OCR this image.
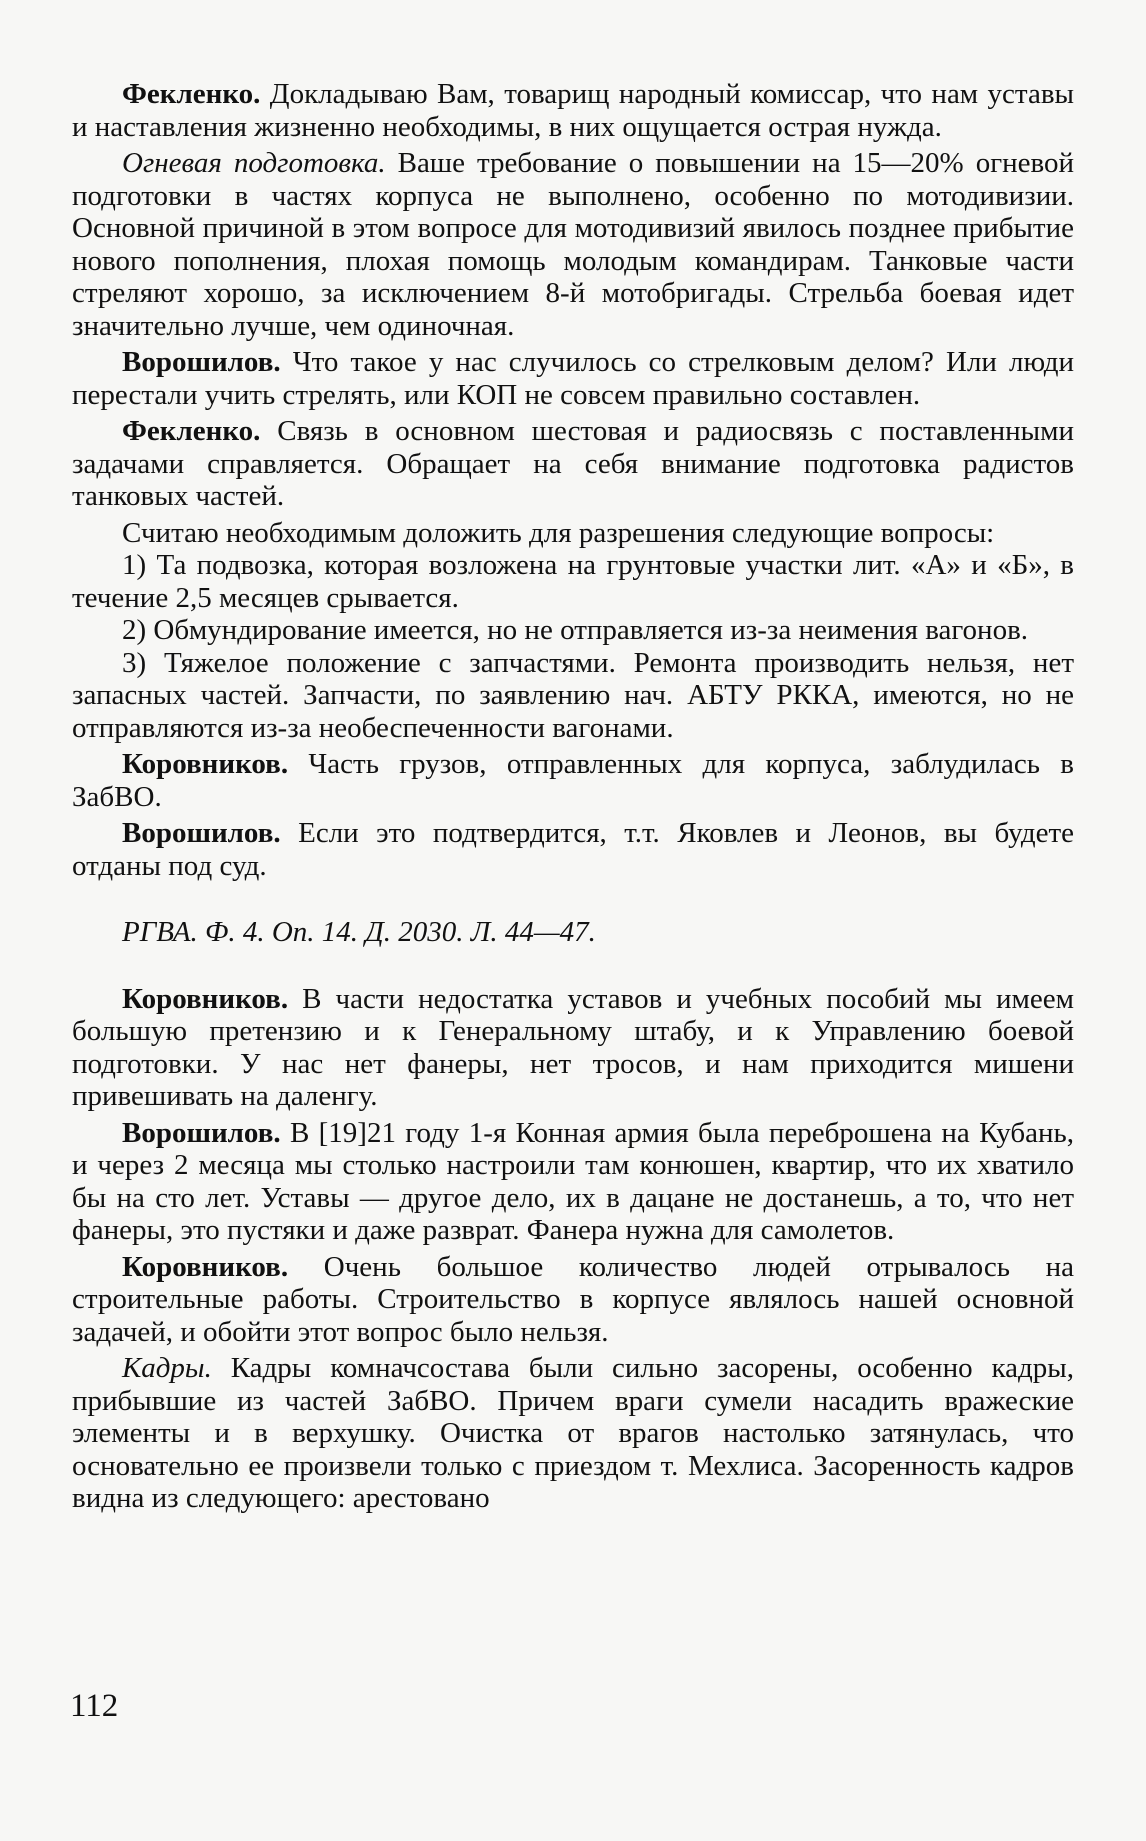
Фекленко. Докладываю Вам, товарищ народный комиссар, что нам уставы и наставления жизненно необходимы, в них ощущается острая нужда.

Огневая подготовка. Ваше требование о повышении на 15—20% огневой подготовки в частях корпуса не выполнено, особенно по мотодивизии. Основной причиной в этом вопросе для мотодивизий явилось позднее прибытие нового пополнения, плохая помощь молодым командирам. Танковые части стреляют хорошо, за исключением 8-й мотобригады. Стрельба боевая идет значительно лучше, чем одиночная.

Ворошилов. Что такое у нас случилось со стрелковым делом? Или люди перестали учить стрелять, или КОП не совсем правильно составлен.

Фекленко. Связь в основном шестовая и радиосвязь с поставленными задачами справляется. Обращает на себя внимание подготовка радистов танковых частей.

Считаю необходимым доложить для разрешения следующие вопросы:

1) Та подвозка, которая возложена на грунтовые участки лит. «А» и «Б», в течение 2,5 месяцев срывается.

2) Обмундирование имеется, но не отправляется из-за неимения вагонов.

3) Тяжелое положение с запчастями. Ремонта производить нельзя, нет запасных частей. Запчасти, по заявлению нач. АБТУ РККА, имеются, но не отправляются из-за необеспеченности вагонами.

Коровников. Часть грузов, отправленных для корпуса, заблудилась в ЗабВО.

Ворошилов. Если это подтвердится, т.т. Яковлев и Леонов, вы будете отданы под суд.

РГВА. Ф. 4. Оп. 14. Д. 2030. Л. 44—47.

Коровников. В части недостатка уставов и учебных пособий мы имеем большую претензию и к Генеральному штабу, и к Управлению боевой подготовки. У нас нет фанеры, нет тросов, и нам приходится мишени привешивать на даленгу.

Ворошилов. В [19]21 году 1-я Конная армия была переброшена на Кубань, и через 2 месяца мы столько настроили там конюшен, квартир, что их хватило бы на сто лет. Уставы — другое дело, их в дацане не достанешь, а то, что нет фанеры, это пустяки и даже разврат. Фанера нужна для самолетов.

Коровников. Очень большое количество людей отрывалось на строительные работы. Строительство в корпусе являлось нашей основной задачей, и обойти этот вопрос было нельзя.

Кадры. Кадры комначсостава были сильно засорены, особенно кадры, прибывшие из частей ЗабВО. Причем враги сумели насадить вражеские элементы и в верхушку. Очистка от врагов настолько затянулась, что основательно ее произвели только с приездом т. Мехлиса. Засоренность кадров видна из следующего: арестовано

112
